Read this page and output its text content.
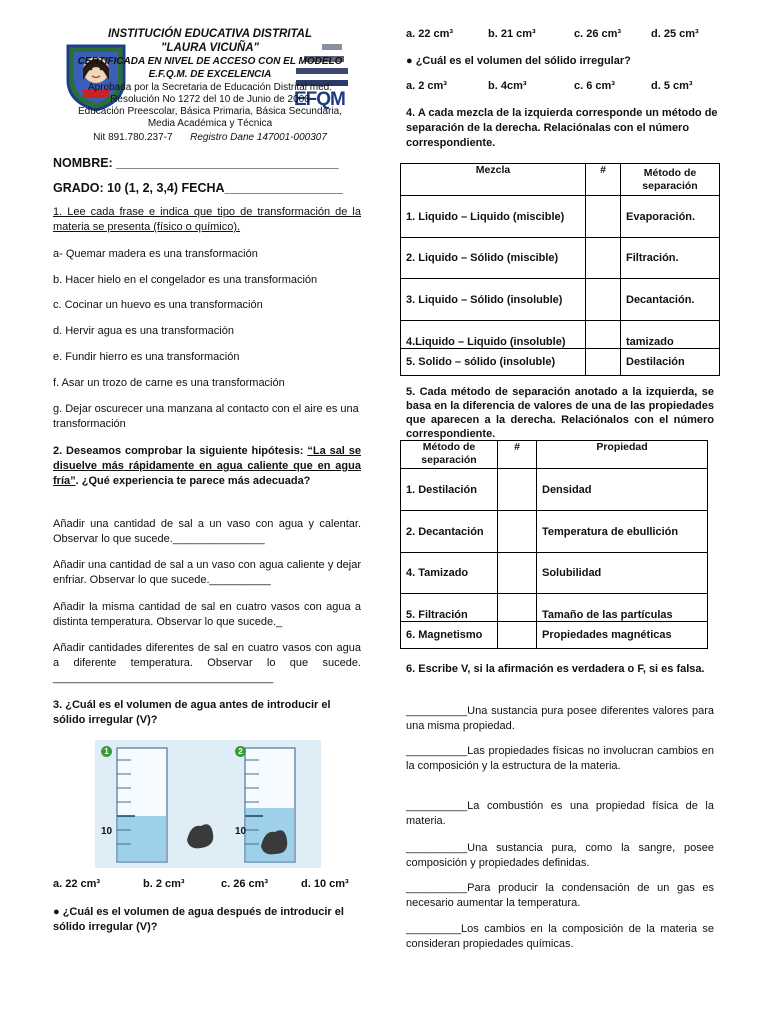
EFQM
INSTITUCIÓN EDUCATIVA DISTRITAL
"LAURA VICUÑA"
CERTIFICADA EN NIVEL DE ACCESO CON EL MODELO
E.F.Q.M. DE EXCELENCIA
Aprobada por la Secretaria de Educación Distrital med.
Resolución No 1272 del 10 de Junio de 2008
Educación Preescolar, Básica Primaria, Básica Secundaria,
Media Académica y Técnica
Nit 891.780.237-7 Registro Dane 147001-000307
NOMBRE: ________________________________
GRADO: 10 (1, 2, 3,4) FECHA_________________
1. Lee cada frase e indica que tipo de transformación de la materia se presenta (físico o químico).
a- Quemar madera es una transformación
b. Hacer hielo en el congelador es una transformación
c. Cocinar un huevo es una transformación
d. Hervir agua es una transformación
e. Fundir hierro es una transformación
f. Asar un trozo de carne es una transformación
g. Dejar oscurecer una manzana al contacto con el aire es una transformación
2. Deseamos comprobar la siguiente hipótesis: “La sal se disuelve más rápidamente en agua caliente que en agua fría”. ¿Qué experiencia te parece más adecuada?
Añadir una cantidad de sal a un vaso con agua y calentar. Observar lo que sucede._______________
Añadir una cantidad de sal a un vaso con agua caliente y dejar enfriar. Observar lo que sucede.__________
Añadir la misma cantidad de sal en cuatro vasos con agua a distinta temperatura. Observar lo que sucede._
Añadir cantidades diferentes de sal en cuatro vasos con agua a diferente temperatura. Observar lo que sucede. ____________________________________
3. ¿Cuál es el volumen de agua antes de introducir el sólido irregular (V)?
1	2
10	10
a. 22 cm³	b. 2 cm³	c. 26 cm³	d. 10 cm³
● ¿Cuál es el volumen de agua después de introducir el sólido irregular (V)?
a. 22 cm³	b. 21 cm³	c. 26 cm³	d. 25 cm³
● ¿Cuál es el volumen del sólido irregular?
a. 2 cm³	b. 4cm³	c. 6 cm³	d. 5 cm³
4. A cada mezcla de la izquierda corresponde un método de separación de la derecha. Relaciónalas con el número correspondiente.
Mezcla	#	Método de separación
1. Liquido – Liquido (miscible)		Evaporación.
2. Liquido – Sólido (miscible)		Filtración.
3. Liquido – Sólido (insoluble)		Decantación.
4.Liquido – Liquido (insoluble)		tamizado
5. Solido – sólido (insoluble)		Destilación
5. Cada método de separación anotado a la izquierda, se basa en la diferencia de valores de una de las propiedades que aparecen a la derecha. Relaciónalos con el número correspondiente.
Método de separación	#	Propiedad
1. Destilación		Densidad
2. Decantación		Temperatura de ebullición
4. Tamizado		Solubilidad
5. Filtración		Tamaño de las partículas
6. Magnetismo		Propiedades magnéticas
6. Escribe V, si la afirmación es verdadera o F, si es falsa.
__________Una sustancia pura posee diferentes valores para una misma propiedad.
__________Las propiedades físicas no involucran cambios en la composición y la estructura de la materia.
__________La combustión es una propiedad física de la materia.
__________Una sustancia pura, como la sangre, posee composición y propiedades definidas.
__________Para producir la condensación de un gas es necesario aumentar la temperatura.
_________Los cambios en la composición de la materia se consideran propiedades químicas.
